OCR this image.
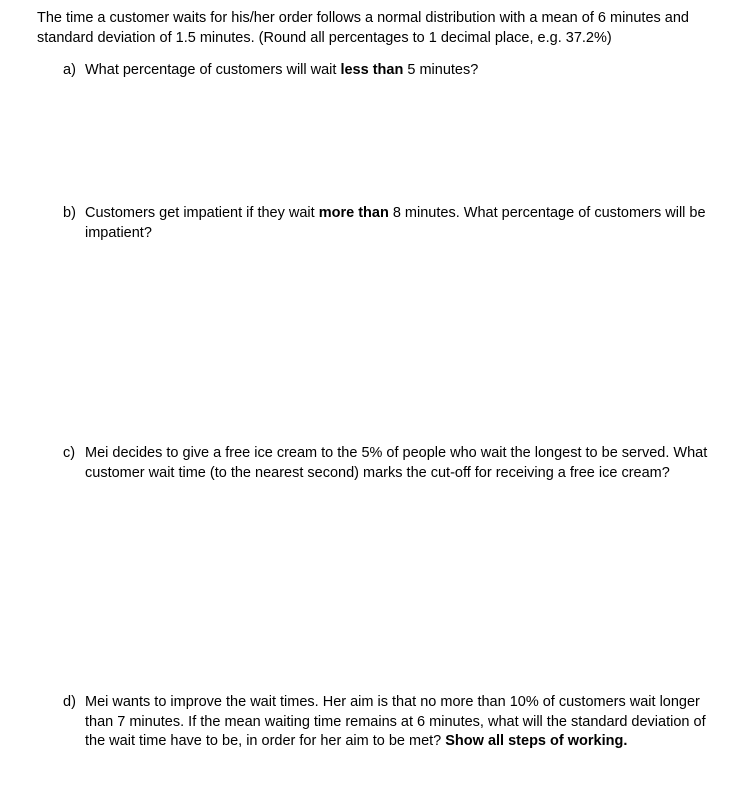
The time a customer waits for his/her order follows a normal distribution with a mean of 6 minutes and standard deviation of 1.5 minutes. (Round all percentages to 1 decimal place, e.g. 37.2%)
a) What percentage of customers will wait less than 5 minutes?
b) Customers get impatient if they wait more than 8 minutes. What percentage of customers will be impatient?
c) Mei decides to give a free ice cream to the 5% of people who wait the longest to be served. What customer wait time (to the nearest second) marks the cut-off for receiving a free ice cream?
d) Mei wants to improve the wait times. Her aim is that no more than 10% of customers wait longer than 7 minutes. If the mean waiting time remains at 6 minutes, what will the standard deviation of the wait time have to be, in order for her aim to be met? Show all steps of working.
